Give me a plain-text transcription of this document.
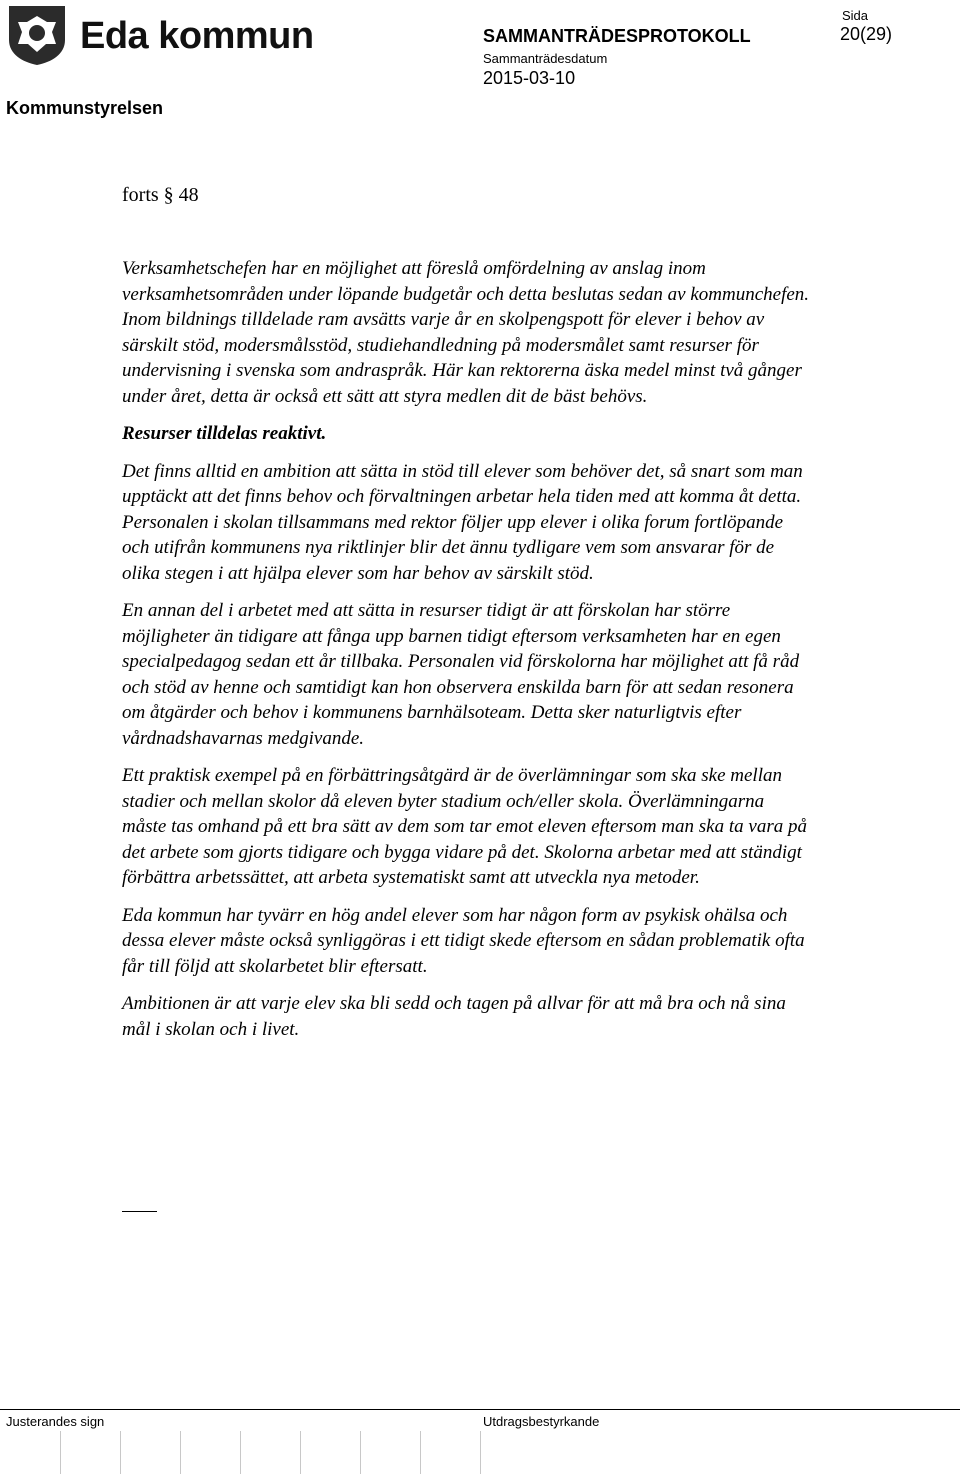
Eda kommun
Kommunstyrelsen
SAMMANTRÄDESPROTOKOLL
Sammanträdesdatum
2015-03-10
Sida
20(29)
forts § 48

Verksamhetschefen har en möjlighet att föreslå omfördelning av anslag inom verksamhetsområden under löpande budgetår och detta beslutas sedan av kommunchefen.

Inom bildnings tilldelade ram avsätts varje år en skolpengspott för elever i behov av särskilt stöd, modersmålsstöd, studiehandledning på modersmålet samt resurser för undervisning i svenska som andraspråk. Här kan rektorerna äska medel minst två gånger under året, detta är också ett sätt att styra medlen dit de bäst behövs.

Resurser tilldelas reaktivt.

Det finns alltid en ambition att sätta in stöd till elever som behöver det, så snart som man upptäckt att det finns behov och förvaltningen arbetar hela tiden med att komma åt detta. Personalen i skolan tillsammans med rektor följer upp elever i olika forum fortlöpande och utifrån kommunens nya riktlinjer blir det ännu tydligare vem som ansvarar för de olika stegen i att hjälpa elever som har behov av särskilt stöd.

En annan del i arbetet med att sätta in resurser tidigt är att förskolan har större möjligheter än tidigare att fånga upp barnen tidigt eftersom verksamheten har en egen specialpedagog sedan ett år tillbaka. Personalen vid förskolorna har möjlighet att få råd och stöd av henne och samtidigt kan hon observera enskilda barn för att sedan resonera om åtgärder och behov i kommunens barnhälsoteam. Detta sker naturligtvis efter vårdnadshavarnas medgivande.

Ett praktisk exempel på en förbättringsåtgärd är de överlämningar som ska ske mellan stadier och mellan skolor då eleven byter stadium och/eller skola. Överlämningarna måste tas omhand på ett bra sätt av dem som tar emot eleven eftersom man ska ta vara på det arbete som gjorts tidigare och bygga vidare på det. Skolorna arbetar med att ständigt förbättra arbetssättet, att arbeta systematiskt samt att utveckla nya metoder.

Eda kommun har tyvärr en hög andel elever som har någon form av psykisk ohälsa och dessa elever måste också synliggöras i ett tidigt skede eftersom en sådan problematik ofta får till följd att skolarbetet blir eftersatt.

Ambitionen är att varje elev ska bli sedd och tagen på allvar för att må bra och nå sina mål i skolan och i livet.

Justerandes sign	Utdragsbestyrkande
